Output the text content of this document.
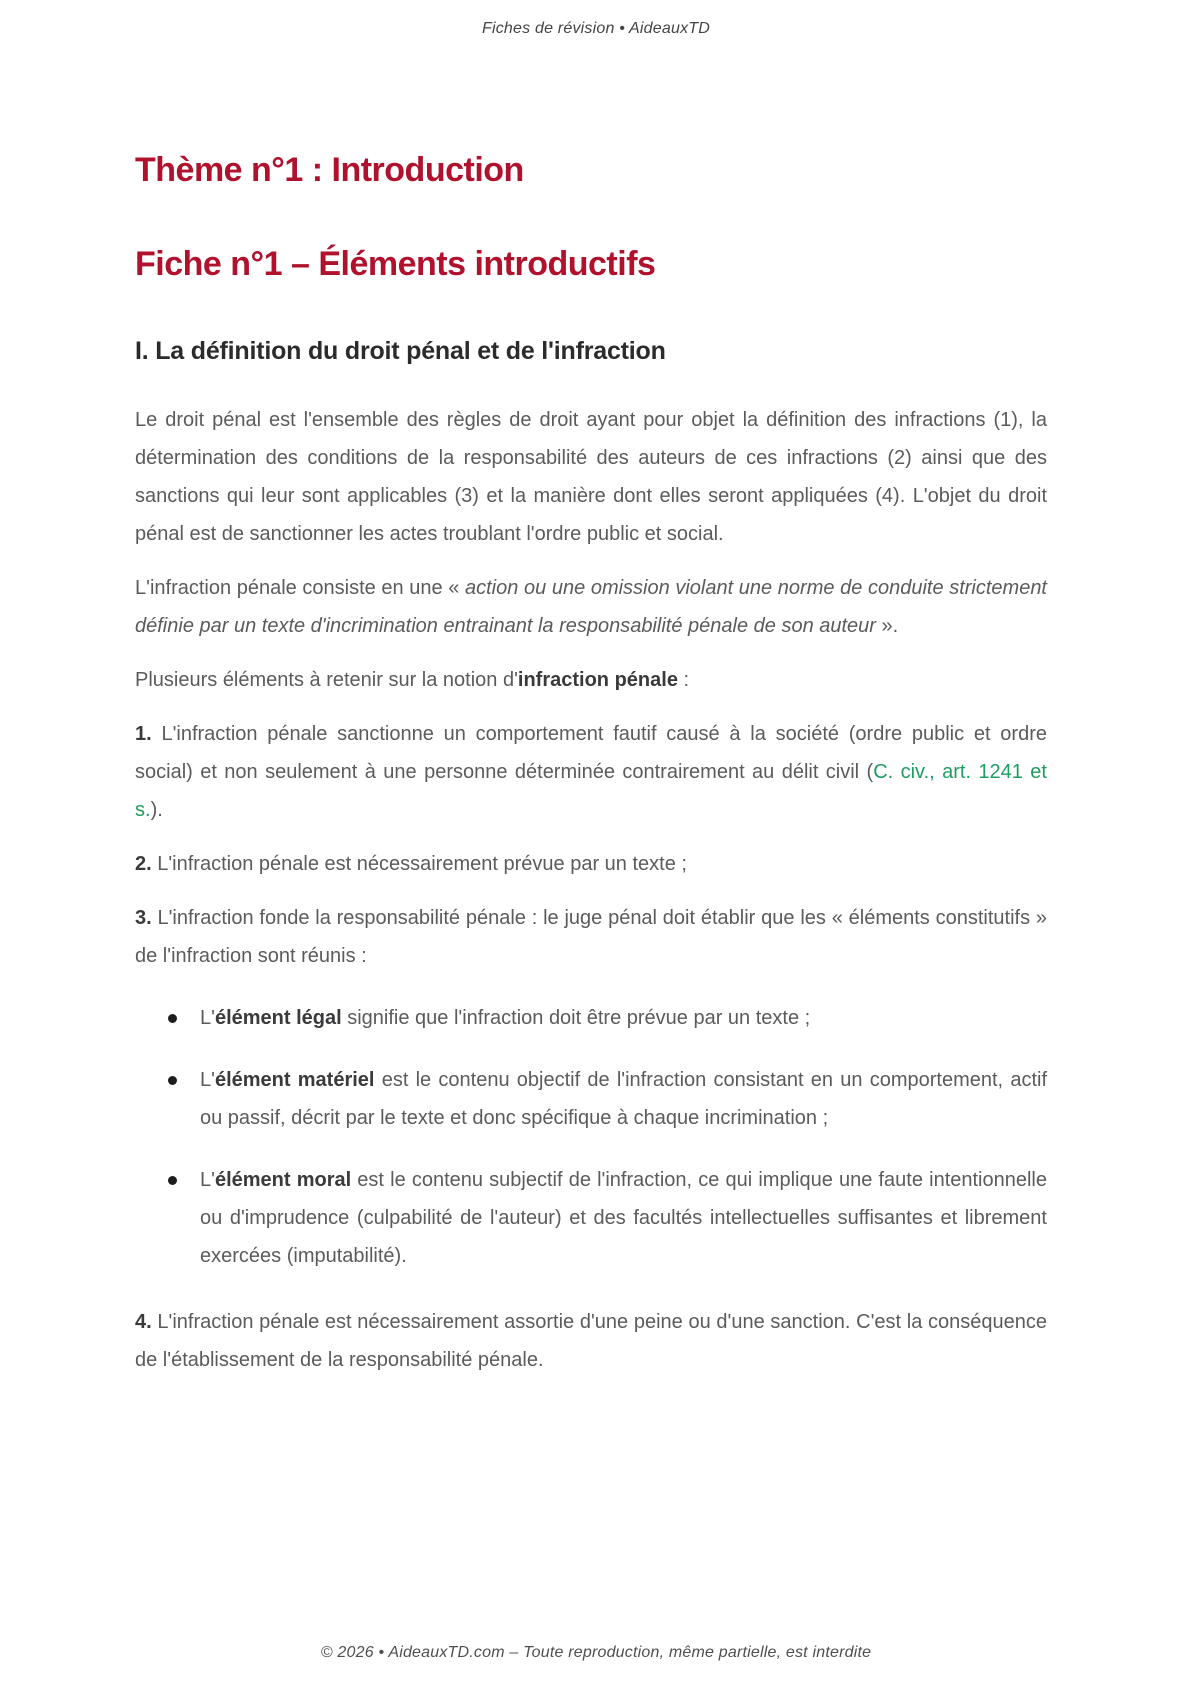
Fiches de révision • AideauxTD
Thème n°1 : Introduction
Fiche n°1 – Éléments introductifs
I. La définition du droit pénal et de l'infraction

Le droit pénal est l'ensemble des règles de droit ayant pour objet la définition des infractions (1), la détermination des conditions de la responsabilité des auteurs de ces infractions (2) ainsi que des sanctions qui leur sont applicables (3) et la manière dont elles seront appliquées (4). L'objet du droit pénal est de sanctionner les actes troublant l'ordre public et social.

L'infraction pénale consiste en une « action ou une omission violant une norme de conduite strictement définie par un texte d'incrimination entrainant la responsabilité pénale de son auteur ».

Plusieurs éléments à retenir sur la notion d'infraction pénale :

1. L'infraction pénale sanctionne un comportement fautif causé à la société (ordre public et ordre social) et non seulement à une personne déterminée contrairement au délit civil (C. civ., art. 1241 et s.).

2. L'infraction pénale est nécessairement prévue par un texte ;

3. L'infraction fonde la responsabilité pénale : le juge pénal doit établir que les « éléments constitutifs » de l'infraction sont réunis :

L'élément légal signifie que l'infraction doit être prévue par un texte ;
L'élément matériel est le contenu objectif de l'infraction consistant en un comportement, actif ou passif, décrit par le texte et donc spécifique à chaque incrimination ;
L'élément moral est le contenu subjectif de l'infraction, ce qui implique une faute intentionnelle ou d'imprudence (culpabilité de l'auteur) et des facultés intellectuelles suffisantes et librement exercées (imputabilité).

4. L'infraction pénale est nécessairement assortie d'une peine ou d'une sanction. C'est la conséquence de l'établissement de la responsabilité pénale.

© 2026 • AideauxTD.com – Toute reproduction, même partielle, est interdite
